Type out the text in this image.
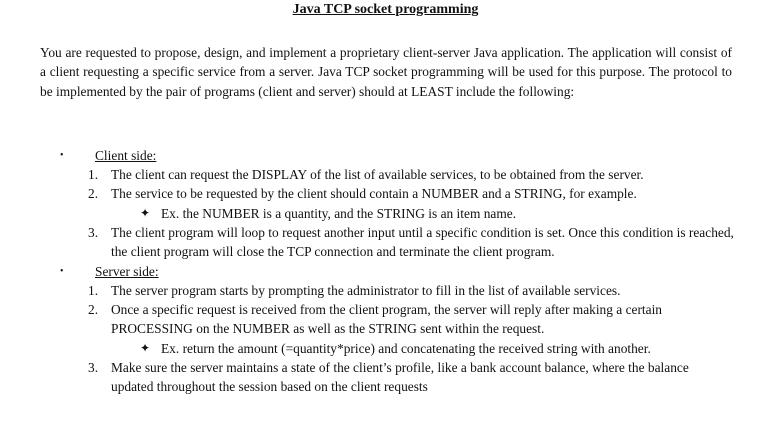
Java TCP socket programming
You are requested to propose, design, and implement a proprietary client-server Java application. The application will consist of a client requesting a specific service from a server. Java TCP socket programming will be used for this purpose. The protocol to be implemented by the pair of programs (client and server) should at LEAST include the following:
• Client side:
1. The client can request the DISPLAY of the list of available services, to be obtained from the server.
2. The service to be requested by the client should contain a NUMBER and a STRING, for example.
✦ Ex. the NUMBER is a quantity, and the STRING is an item name.
3. The client program will loop to request another input until a specific condition is set. Once this condition is reached, the client program will close the TCP connection and terminate the client program.
• Server side:
1. The server program starts by prompting the administrator to fill in the list of available services.
2. Once a specific request is received from the client program, the server will reply after making a certain PROCESSING on the NUMBER as well as the STRING sent within the request.
✦ Ex. return the amount (=quantity*price) and concatenating the received string with another.
3. Make sure the server maintains a state of the client’s profile, like a bank account balance, where the balance updated throughout the session based on the client requests
